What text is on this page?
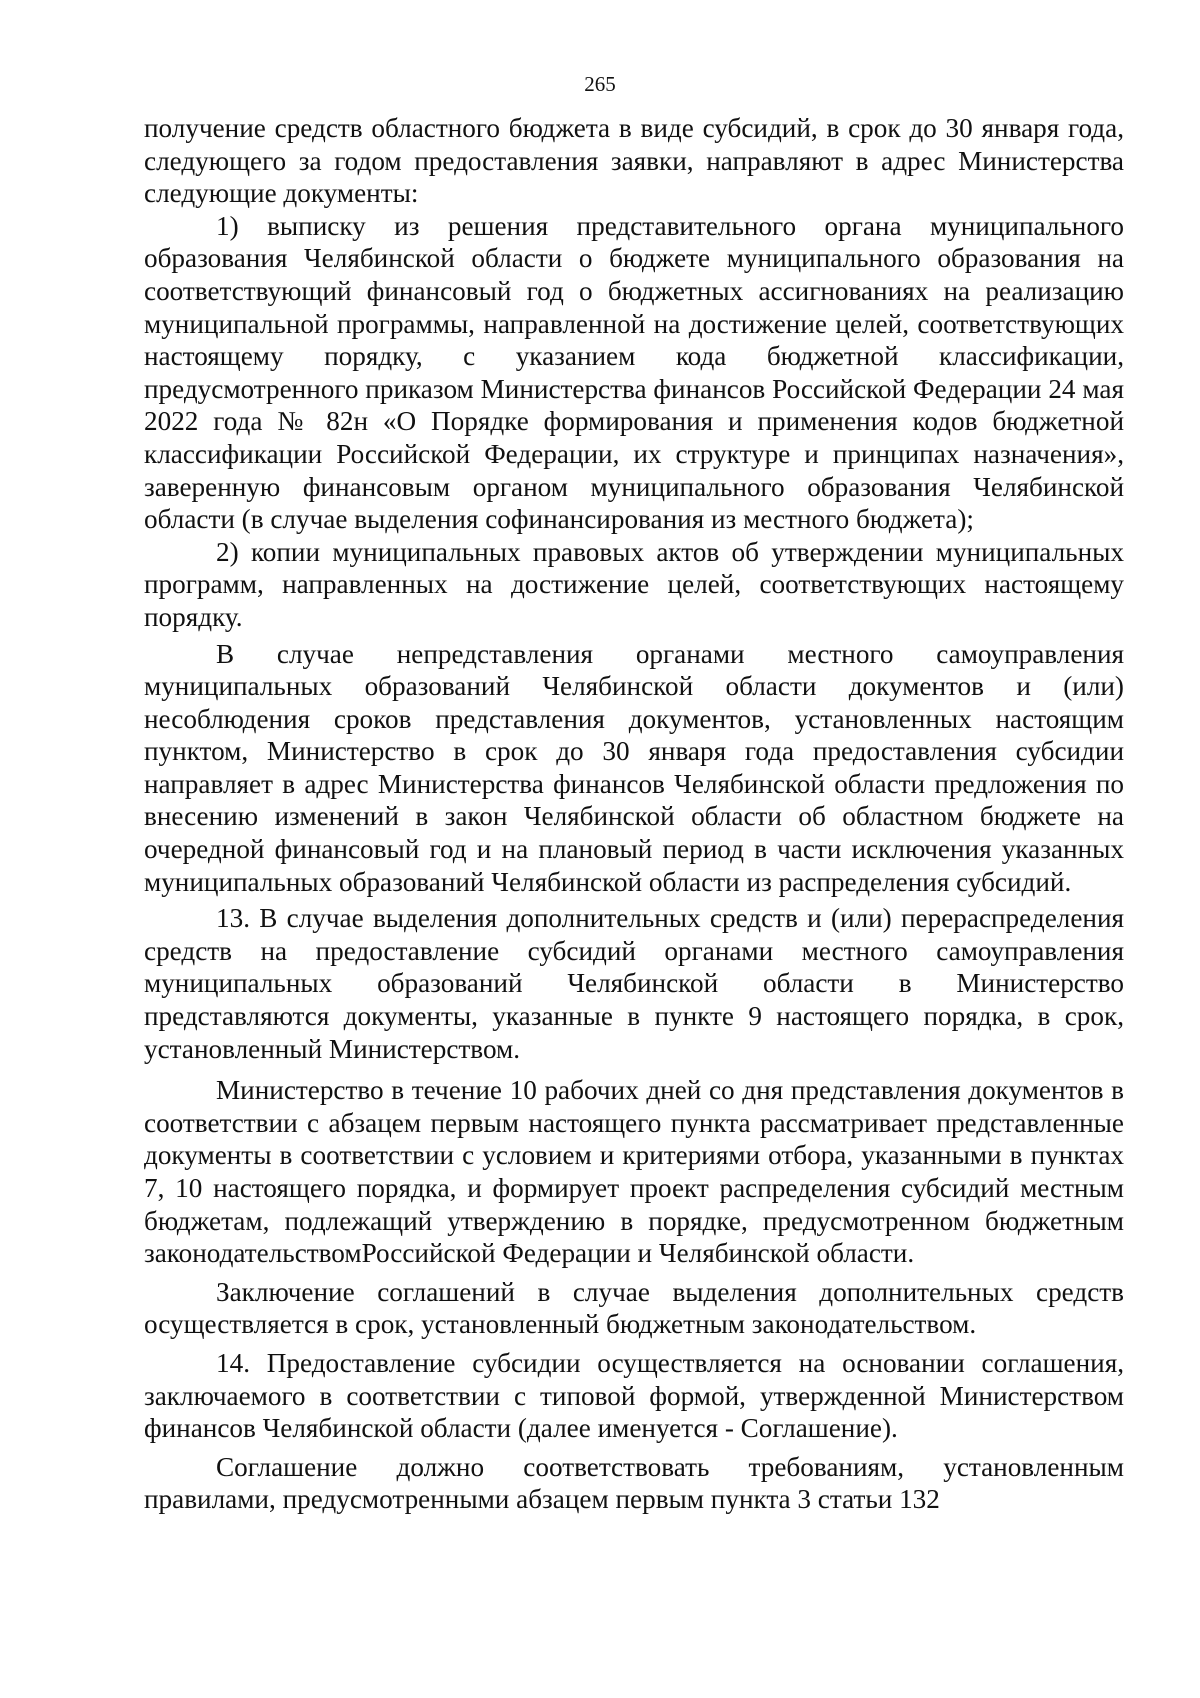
265

получение средств областного бюджета в виде субсидий, в срок до 30 января года, следующего за годом предоставления заявки, направляют в адрес Министерства следующие документы:

1) выписку из решения представительного органа муниципального образования Челябинской области о бюджете муниципального образования на соответствующий финансовый год о бюджетных ассигнованиях на реализацию муниципальной программы, направленной на достижение целей, соответствующих настоящему порядку, с указанием кода бюджетной классификации, предусмотренного приказом Министерства финансов Российской Федерации 24 мая 2022 года № 82н «О Порядке формирования и применения кодов бюджетной классификации Российской Федерации, их структуре и принципах назначения», заверенную финансовым органом муниципального образования Челябинской области (в случае выделения софинансирования из местного бюджета);

2) копии муниципальных правовых актов об утверждении муниципальных программ, направленных на достижение целей, соответствующих настоящему порядку.

В случае непредставления органами местного самоуправления муниципальных образований Челябинской области документов и (или) несоблюдения сроков представления документов, установленных настоящим пунктом, Министерство в срок до 30 января года предоставления субсидии направляет в адрес Министерства финансов Челябинской области предложения по внесению изменений в закон Челябинской области об областном бюджете на очередной финансовый год и на плановый период в части исключения указанных муниципальных образований Челябинской области из распределения субсидий.

13. В случае выделения дополнительных средств и (или) перераспределения средств на предоставление субсидий органами местного самоуправления муниципальных образований Челябинской области в Министерство представляются документы, указанные в пункте 9 настоящего порядка, в срок, установленный Министерством.

Министерство в течение 10 рабочих дней со дня представления документов в соответствии с абзацем первым настоящего пункта рассматривает представленные документы в соответствии с условием и критериями отбора, указанными в пунктах 7, 10 настоящего порядка, и формирует проект распределения субсидий местным бюджетам, подлежащий утверждению в порядке, предусмотренном бюджетным законодательствомРоссийской Федерации и Челябинской области.

Заключение соглашений в случае выделения дополнительных средств осуществляется в срок, установленный бюджетным законодательством.

14. Предоставление субсидии осуществляется на основании соглашения, заключаемого в соответствии с типовой формой, утвержденной Министерством финансов Челябинской области (далее именуется - Соглашение).

Соглашение должно соответствовать требованиям, установленным правилами, предусмотренными абзацем первым пункта 3 статьи 132
